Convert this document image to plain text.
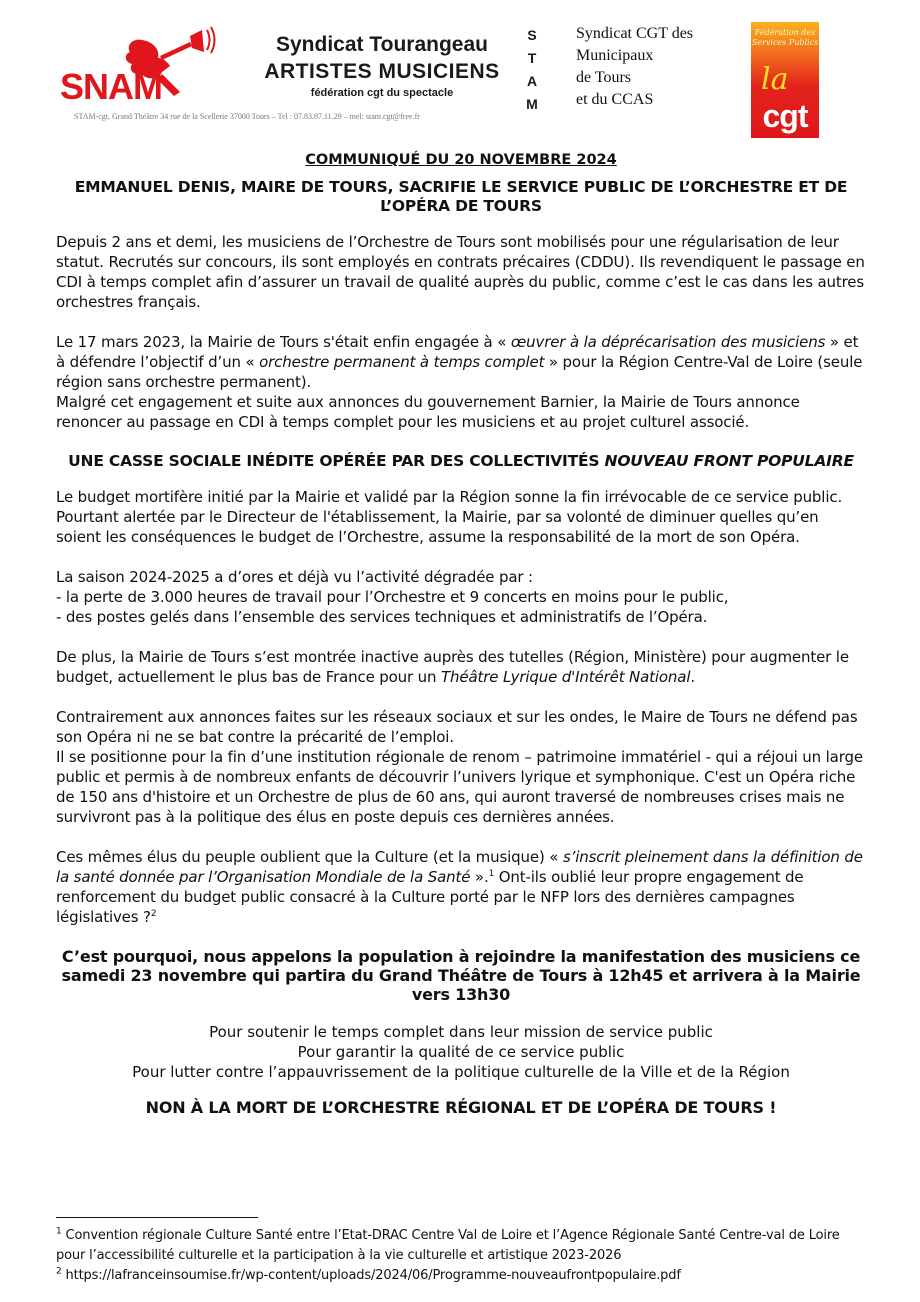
SNAM
Syndicat Tourangeau
ARTISTES MUSICIENS
fédération cgt du spectacle
S
T
A
M
STAM-cgt, Grand Théâtre 34 rue de la Scellerie 37000 Tours – Tel : 07.83.87.11.29 – mel: stam.cgt@free.fr
Syndicat CGT des
Municipaux
de Tours
et du CCAS
Fédération des Services Publics
la
cgt
COMMUNIQUÉ DU 20 NOVEMBRE 2024
EMMANUEL DENIS, MAIRE DE TOURS, SACRIFIE LE SERVICE PUBLIC DE L’ORCHESTRE ET DE L’OPÉRA DE TOURS
Depuis 2 ans et demi, les musiciens de l’Orchestre de Tours sont mobilisés pour une régularisation de leur statut. Recrutés sur concours, ils sont employés en contrats précaires (CDDU). Ils revendiquent le passage en CDI à temps complet afin d’assurer un travail de qualité auprès du public, comme c’est le cas dans les autres orchestres français.
Le 17 mars 2023, la Mairie de Tours s'était enfin engagée à « œuvrer à la déprécarisation des musiciens » et à défendre l’objectif d’un « orchestre permanent à temps complet » pour la Région Centre-Val de Loire (seule région sans orchestre permanent).
Malgré cet engagement et suite aux annonces du gouvernement Barnier, la Mairie de Tours annonce renoncer au passage en CDI à temps complet pour les musiciens et au projet culturel associé.
UNE CASSE SOCIALE INÉDITE OPÉRÉE PAR DES COLLECTIVITÉS NOUVEAU FRONT POPULAIRE
Le budget mortifère initié par la Mairie et validé par la Région sonne la fin irrévocable de ce service public. Pourtant alertée par le Directeur de l'établissement, la Mairie, par sa volonté de diminuer quelles qu’en soient les conséquences le budget de l’Orchestre, assume la responsabilité de la mort de son Opéra.
La saison 2024-2025 a d’ores et déjà vu l’activité dégradée par :
- la perte de 3.000 heures de travail pour l’Orchestre et 9 concerts en moins pour le public,
- des postes gelés dans l’ensemble des services techniques et administratifs de l’Opéra.
De plus, la Mairie de Tours s’est montrée inactive auprès des tutelles (Région, Ministère) pour augmenter le budget, actuellement le plus bas de France pour un Théâtre Lyrique d'Intérêt National.
Contrairement aux annonces faites sur les réseaux sociaux et sur les ondes, le Maire de Tours ne défend pas son Opéra ni ne se bat contre la précarité de l’emploi.
Il se positionne pour la fin d’une institution régionale de renom – patrimoine immatériel - qui a réjoui un large public et permis à de nombreux enfants de découvrir l’univers lyrique et symphonique. C'est un Opéra riche de 150 ans d'histoire et un Orchestre de plus de 60 ans, qui auront traversé de nombreuses crises mais ne survivront pas à la politique des élus en poste depuis ces dernières années.
Ces mêmes élus du peuple oublient que la Culture (et la musique) « s’inscrit pleinement dans la définition de la santé donnée par l’Organisation Mondiale de la Santé ».$^1$ Ont-ils oublié leur propre engagement de renforcement du budget public consacré à la Culture porté par le NFP lors des dernières campagnes législatives ?$^2$
C’est pourquoi, nous appelons la population à rejoindre la manifestation des musiciens ce samedi 23 novembre qui partira du Grand Théâtre de Tours à 12h45 et arrivera à la Mairie vers 13h30
Pour soutenir le temps complet dans leur mission de service public
Pour garantir la qualité de ce service public
Pour lutter contre l’appauvrissement de la politique culturelle de la Ville et de la Région
NON À LA MORT DE L’ORCHESTRE RÉGIONAL ET DE L’OPÉRA DE TOURS !
$^1$ Convention régionale Culture Santé entre l’Etat-DRAC Centre Val de Loire et l’Agence Régionale Santé Centre-val de Loire pour l’accessibilité culturelle et la participation à la vie culturelle et artistique 2023-2026
$^2$ https://lafranceinsoumise.fr/wp-content/uploads/2024/06/Programme-nouveaufrontpopulaire.pdf
